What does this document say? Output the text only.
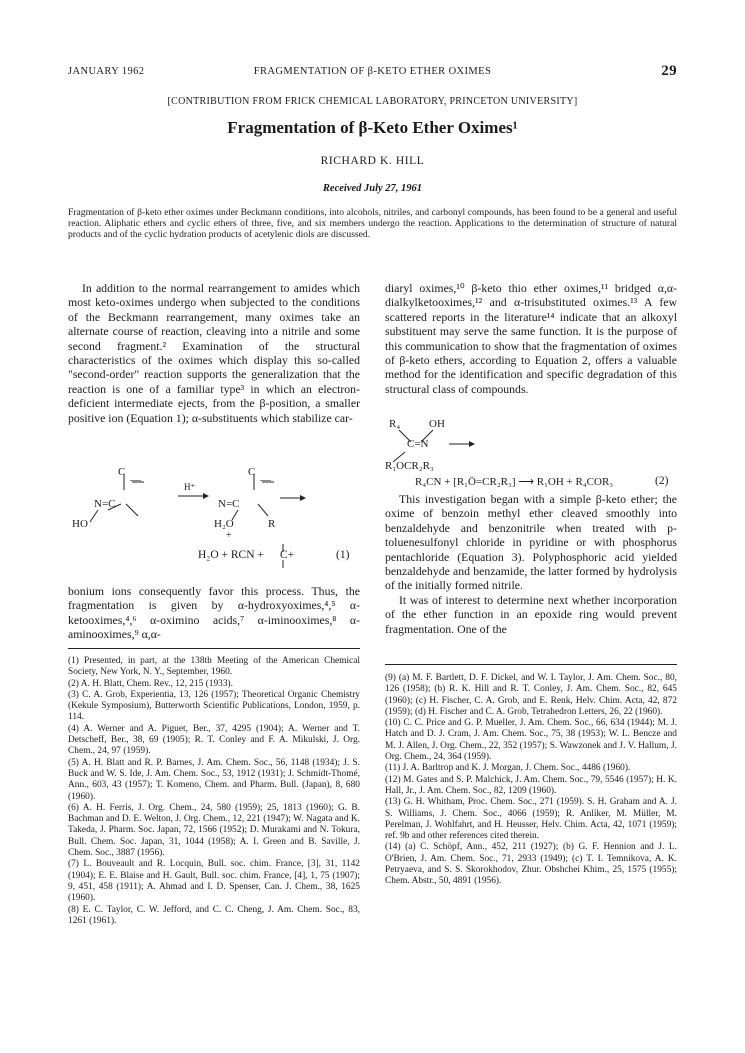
JANUARY 1962	FRAGMENTATION OF β-KETO ETHER OXIMES	29
[CONTRIBUTION FROM FRICK CHEMICAL LABORATORY, PRINCETON UNIVERSITY]
Fragmentation of β-Keto Ether Oximes¹
RICHARD K. HILL
Received July 27, 1961
Fragmentation of β-keto ether oximes under Beckmann conditions, into alcohols, nitriles, and carbonyl compounds, has been found to be a general and useful reaction. Aliphatic ethers and cyclic ethers of three, five, and six members undergo the reaction. Applications to the determination of structure of natural products and of the cyclic hydration products of acetylenic diols are discussed.

In addition to the normal rearrangement to amides which most keto-oximes undergo when subjected to the conditions of the Beckmann rearrangement, many oximes take an alternate course of reaction, cleaving into a nitrile and some second fragment.² Examination of the structural characteristics of the oximes which display this so-called "second-order" reaction supports the generalization that the reaction is one of a familiar type³ in which an electron-deficient intermediate ejects, from the β-position, a smaller positive ion (Equation 1); α-substituents which stabilize car-

C
—
N=C
HO
H⁺
C
—
N=C
H₂O
+
R
H₂O + RCN + C+	(1)

bonium ions consequently favor this process. Thus, the fragmentation is given by α-hydroxyoximes,⁴,⁵ α-ketooximes,⁴,⁶ α-oximino acids,⁷ α-iminooximes,⁸ α-aminooximes,⁹ α,α-

(1) Presented, in part, at the 138th Meeting of the American Chemical Society, New York, N. Y., September, 1960.

(2) A. H. Blatt, Chem. Rev., 12, 215 (1933).

(3) C. A. Grob, Experientia, 13, 126 (1957); Theoretical Organic Chemistry (Kekule Symposium), Butterworth Scientific Publications, London, 1959, p. 114.

(4) A. Werner and A. Piguet, Ber., 37, 4295 (1904); A. Werner and T. Detscheff, Ber., 38, 69 (1905); R. T. Conley and F. A. Mikulski, J. Org. Chem., 24, 97 (1959).

(5) A. H. Blatt and R. P. Barnes, J. Am. Chem. Soc., 56, 1148 (1934); J. S. Buck and W. S. Ide, J. Am. Chem. Soc., 53, 1912 (1931); J. Schmidt-Thomé, Ann., 603, 43 (1957); T. Komeno, Chem. and Pharm. Bull. (Japan), 8, 680 (1960).

(6) A. H. Ferris, J. Org. Chem., 24, 580 (1959); 25, 1813 (1960); G. B. Bachman and D. E. Welton, J. Org. Chem., 12, 221 (1947); W. Nagata and K. Takeda, J. Pharm. Soc. Japan, 72, 1566 (1952); D. Murakami and N. Tokura, Bull. Chem. Soc. Japan, 31, 1044 (1958); A. I. Green and B. Saville, J. Chem. Soc., 3887 (1956).

(7) L. Bouveault and R. Locquin, Bull. soc. chim. France, [3], 31, 1142 (1904); E. E. Blaise and H. Gault, Bull. soc. chim. France, [4], 1, 75 (1907); 9, 451, 458 (1911); A. Ahmad and I. D. Spenser, Can. J. Chem., 38, 1625 (1960).

(8) E. C. Taylor, C. W. Jefford, and C. C. Cheng, J. Am. Chem. Soc., 83, 1261 (1961).

diaryl oximes,¹⁰ β-keto thio ether oximes,¹¹ bridged α,α-dialkylketooximes,¹² and α-trisubstituted oximes.¹³ A few scattered reports in the literature¹⁴ indicate that an alkoxyl substituent may serve the same function. It is the purpose of this communication to show that the fragmentation of oximes of β-keto ethers, according to Equation 2, offers a valuable method for the identification and specific degradation of this structural class of compounds.

R₄	OH
C=N
R₁OCR₂R₃
R₄CN + [R₁Ö=CR₂R₃] ⟶ R₁OH + R₄COR₃	(2)

This investigation began with a simple β-keto ether; the oxime of benzoin methyl ether cleaved smoothly into benzaldehyde and benzonitrile when treated with p-toluenesulfonyl chloride in pyridine or with phosphorus pentachloride (Equation 3). Polyphosphoric acid yielded benzaldehyde and benzamide, the latter formed by hydrolysis of the initially formed nitrile.

It was of interest to determine next whether incorporation of the ether function in an epoxide ring would prevent fragmentation. One of the

(9) (a) M. F. Bartlett, D. F. Dickel, and W. I. Taylor, J. Am. Chem. Soc., 80, 126 (1958); (b) R. K. Hill and R. T. Conley, J. Am. Chem. Soc., 82, 645 (1960); (c) H. Fischer, C. A. Grob, and E. Renk, Helv. Chim. Acta, 42, 872 (1959); (d) H. Fischer and C. A. Grob, Tetrahedron Letters, 26, 22 (1960).

(10) C. C. Price and G. P. Mueller, J. Am. Chem. Soc., 66, 634 (1944); M. J. Hatch and D. J. Cram, J. Am. Chem. Soc., 75, 38 (1953); W. L. Bencze and M. J. Allen, J. Org. Chem., 22, 352 (1957); S. Wawzonek and J. V. Hallum, J. Org. Chem., 24, 364 (1959).

(11) J. A. Barltrop and K. J. Morgan, J. Chem. Soc., 4486 (1960).

(12) M. Gates and S. P. Malchick, J. Am. Chem. Soc., 79, 5546 (1957); H. K. Hall, Jr., J. Am. Chem. Soc., 82, 1209 (1960).

(13) G. H. Whitham, Proc. Chem. Soc., 271 (1959). S. H. Graham and A. J. S. Williams, J. Chem. Soc., 4066 (1959); R. Anliker, M. Müller, M. Perelman, J. Wohlfahrt, and H. Heusser, Helv. Chim. Acta, 42, 1071 (1959); ref. 9b and other references cited therein.

(14) (a) C. Schöpf, Ann., 452, 211 (1927); (b) G. F. Hennion and J. L. O'Brien, J. Am. Chem. Soc., 71, 2933 (1949); (c) T. I. Temnikova, A. K. Petryaeva, and S. S. Skorokhodov, Zhur. Obshchei Khim., 25, 1575 (1955); Chem. Abstr., 50, 4891 (1956).
